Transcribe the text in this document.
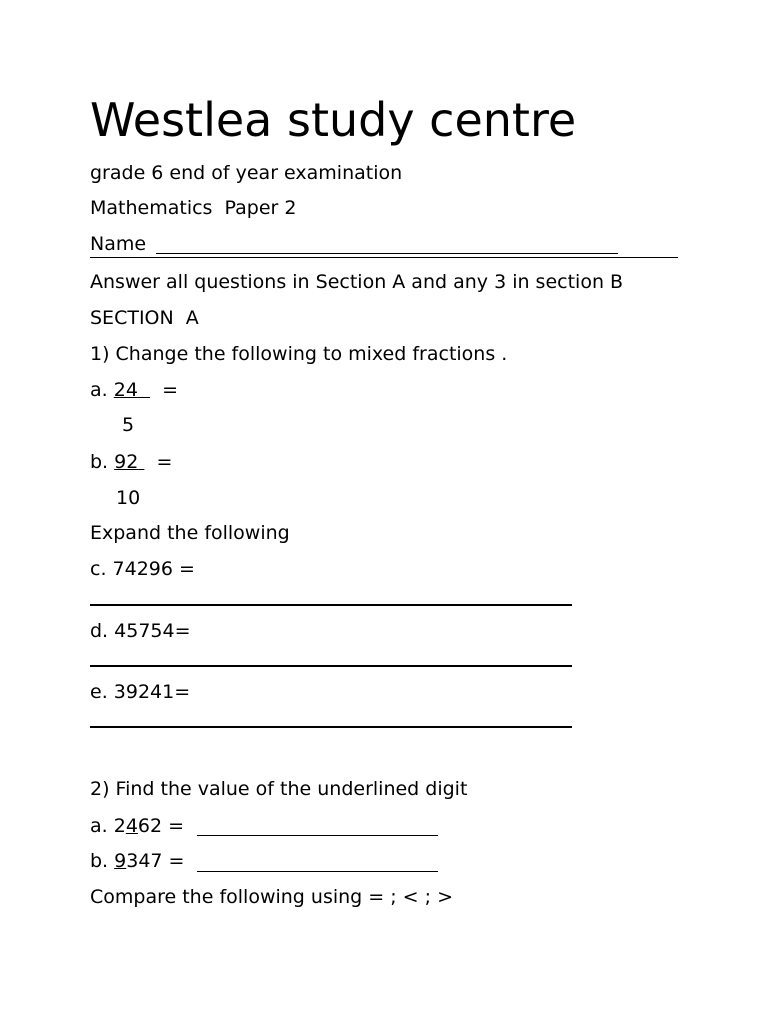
Westlea study centre
grade 6 end of year examination
Mathematics  Paper 2
Name
Answer all questions in Section A and any 3 in section B
SECTION  A
1) Change the following to mixed fractions .
a. 24 =
5
b. 92 =
10
Expand the following
c. 74296 =
d. 45754=
e. 39241=
2) Find the value of the underlined digit
a. 2462 =
b. 9347 =
Compare the following using = ; < ; >
